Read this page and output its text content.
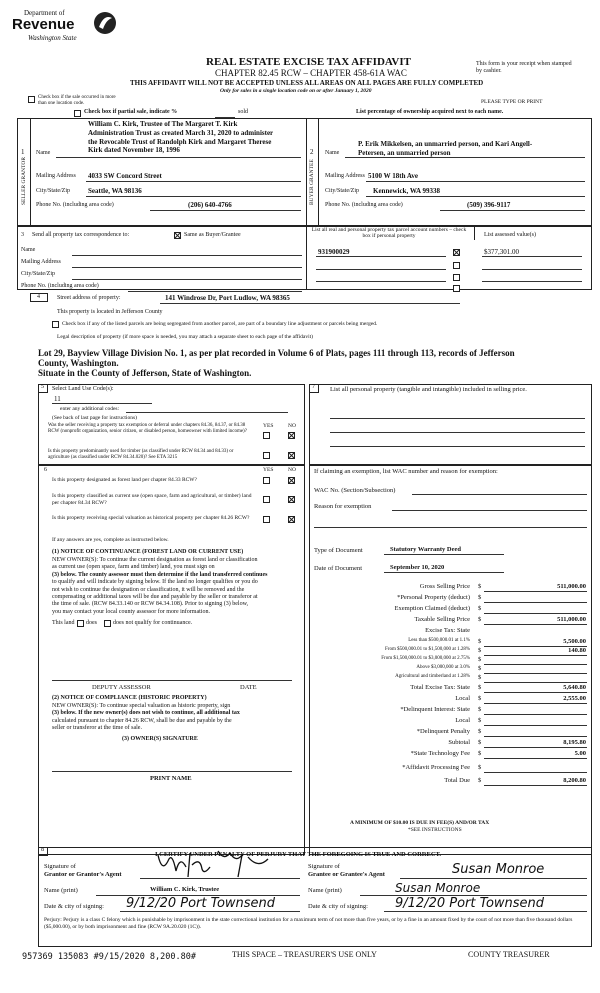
Department of
Revenue
Washington State
REAL ESTATE EXCISE TAX AFFIDAVIT
CHAPTER 82.45 RCW – CHAPTER 458-61A WAC
THIS AFFIDAVIT WILL NOT BE ACCEPTED UNLESS ALL AREAS ON ALL PAGES ARE FULLY COMPLETED
Only for sales in a single location code on or after January 1, 2020
This form is your receipt when stamped by cashier.
PLEASE TYPE OR PRINT
Check box if the sale occurred in more than one location code.
Check box if partial sale, indicate %	sold	List percentage of ownership acquired next to each name.
1 Name
William C. Kirk, Trustee of The Margaret T. Kirk
Administration Trust as created March 31, 2020 to administer
the Revocable Trust of Randolph Kirk and Margaret Therese
Kirk dated November 18, 1996
SELLER GRANTOR Mailing Address 4033 SW Concord Street
City/State/Zip	Seattle, WA 98136
Phone No. (including area code)	(206) 640-4766
2 Name
P. Erik Mikkelsen, an unmarried person, and Kari Angell-
Petersen, an unmarried person
BUYER GRANTEE Mailing Address 5100 W 18th Ave
City/State/Zip Kennewick, WA 99338
Phone No. (including area code)	(509) 396-9117
3 Send all property tax correspondence to:	Same as Buyer/Grantee
Name
Mailing Address
City/State/Zip
Phone No. (including area code)
List all real and personal property tax parcel account numbers – check box if personal property	List assessed value(s)
931900029	$377,301.00
4	Street address of property:	141 Windrose Dr, Port Ludlow, WA 98365
This property is located in Jefferson County
Check box if any of the listed parcels are being segregated from another parcel, are part of a boundary line adjustment or parcels being merged.
Legal description of property (if more space is needed, you may attach a separate sheet to each page of the affidavit)
Lot 29, Bayview Village Division No. 1, as per plat recorded in Volume 6 of Plats, pages 111 through 113, records of Jefferson
County, Washington.
Situate in the County of Jefferson, State of Washington.
5 Select Land Use Code(s):
11
enter any additional codes:
(See back of last page for instructions)
YES	NO
Was the seller receiving a property tax exemption or deferral under chapters 84.36, 84.37, or 84.38 RCW (nonprofit organization, senior citizen, or disabled person, homeowner with limited income)?
Is this property predominantly used for timber (as classified under RCW 84.34 and 84.33) or agriculture (as classified under RCW 84.34.020)? See ETA 3215
7 List all personal property (tangible and intangible) included in selling price.
6	YES	NO
Is this property designated as forest land per chapter 84.33 RCW?
Is this property classified as current use (open space, farm and agricultural, or timber) land per chapter 84.34 RCW?
Is this property receiving special valuation as historical property per chapter 84.26 RCW?
If any answers are yes, complete as instructed below.
(1) NOTICE OF CONTINUANCE (FOREST LAND OR CURRENT USE)
NEW OWNER(S): To continue the current designation as forest land or classification
as current use (open space, farm and timber) land, you must sign on
(3) below. The county assessor must then determine if the land transferred continues
to qualify and will indicate by signing below. If the land no longer qualifies or you do
not wish to continue the designation or classification, it will be removed and the
compensating or additional taxes will be due and payable by the seller or transferor at
the time of sale. (RCW 84.33.140 or RCW 84.34.108). Prior to signing (3) below,
you may contact your local county assessor for more information.
This land does	does not qualify for continuance.
DEPUTY ASSESSOR	DATE
(2) NOTICE OF COMPLIANCE (HISTORIC PROPERTY)
NEW OWNER(S): To continue special valuation as historic property, sign
(3) below. If the new owner(s) does not wish to continue, all additional tax
calculated pursuant to chapter 84.26 RCW, shall be due and payable by the
seller or transferor at the time of sale.
(3) OWNER(S) SIGNATURE
PRINT NAME
If claiming an exemption, list WAC number and reason for exemption:
WAC No. (Section/Subsection)
Reason for exemption
Type of Document	Statutory Warranty Deed
Date of Document	September 10, 2020
Gross Selling Price $	511,000.00
*Personal Property (deduct) $
Exemption Claimed (deduct) $
Taxable Selling Price $	511,000.00
Excise Tax: State
Less than $500,000.01 at 1.1% $	5,500.00
From $500,000.01 to $1,500,000 at 1.28% $	140.80
From $1,500,000.01 to $3,000,000 at 2.75% $
Above $3,000,000 at 3.0% $
Agricultural and timberland at 1.28% $
Total Excise Tax: State $	5,640.80
Local $	2,555.00
*Delinquent Interest: State $
Local $
*Delinquent Penalty $
Subtotal $	8,195.80
*State Technology Fee $	5.00
*Affidavit Processing Fee $
Total Due $	8,200.80
A MINIMUM OF $10.00 IS DUE IN FEE(S) AND/OR TAX
*SEE INSTRUCTIONS
8
I CERTIFY UNDER PENALTY OF PERJURY THAT THE FOREGOING IS TRUE AND CORRECT.
Signature of
Grantor or Grantor's Agent
Signature of
Grantee or Grantee's Agent	Susan Monroe
Name (print)	William C. Kirk, Trustee	Name (print)	Susan Monroe
Date & city of signing: 9/12/20 Port Townsend	Date & city of signing: 9/12/20 Port Townsend
Perjury: Perjury is a class C felony which is punishable by imprisonment in the state correctional institution for a maximum term of not more than five years, or by a fine in an amount fixed by the court of not more than five thousand dollars ($5,000.00), or by both imprisonment and fine (RCW 9A.20.020 (1C)).
957369 135083 #9/15/2020 8,200.80#	THIS SPACE – TREASURER'S USE ONLY	COUNTY TREASURER
